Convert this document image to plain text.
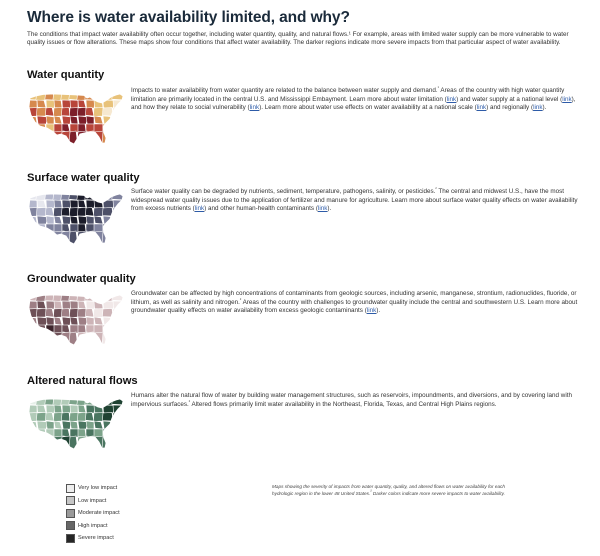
Where is water availability limited, and why?

The conditions that impact water availability often occur together, including water quantity, quality, and natural flows.¹ For example, areas with limited water supply can be more vulnerable to water quality issues or flow alterations. These maps show four conditions that affect water availability. The darker regions indicate more severe impacts from that particular aspect of water availability.

Water quantity

Impacts to water availability from water quantity are related to the balance between water supply and demand.$^{^1}$ Areas of the country with high water quantity limitation are primarily located in the central U.S. and Mississippi Embayment. Learn more about water limitation (link) and water supply at a national level (link), and how they relate to social vulnerability (link). Learn more about water use effects on water availability at a national scale (link) and regionally (link).

Surface water quality

Surface water quality can be degraded by nutrients, sediment, temperature, pathogens, salinity, or pesticides.$^{^2}$ The central and midwest U.S., have the most widespread water quality issues due to the application of fertilizer and manure for agriculture. Learn more about surface water quality effects on water availability from excess nutrients (link) and other human-health contaminants (link).

Groundwater quality

Groundwater can be affected by high concentrations of contaminants from geologic sources, including arsenic, manganese, strontium, radionuclides, fluoride, or lithium, as well as salinity and nitrogen.$^{^2}$ Areas of the country with challenges to groundwater quality include the central and southwestern U.S. Learn more about groundwater quality effects on water availability from excess geologic contaminants (link).

Altered natural flows

Humans alter the natural flow of water by building water management structures, such as reservoirs, impoundments, and diversions, and by covering land with impervious surfaces.$^{^2}$ Altered flows primarily limit water availability in the Northeast, Florida, Texas, and Central High Plains regions.

Very low impact
Low impact
Moderate impact
High impact
Severe impact

Maps showing the severity of impacts from water quantity, quality, and altered flows on water availability for each hydrologic region in the lower 48 United States.$^{^2}$ Darker colors indicate more severe impacts to water availability.
